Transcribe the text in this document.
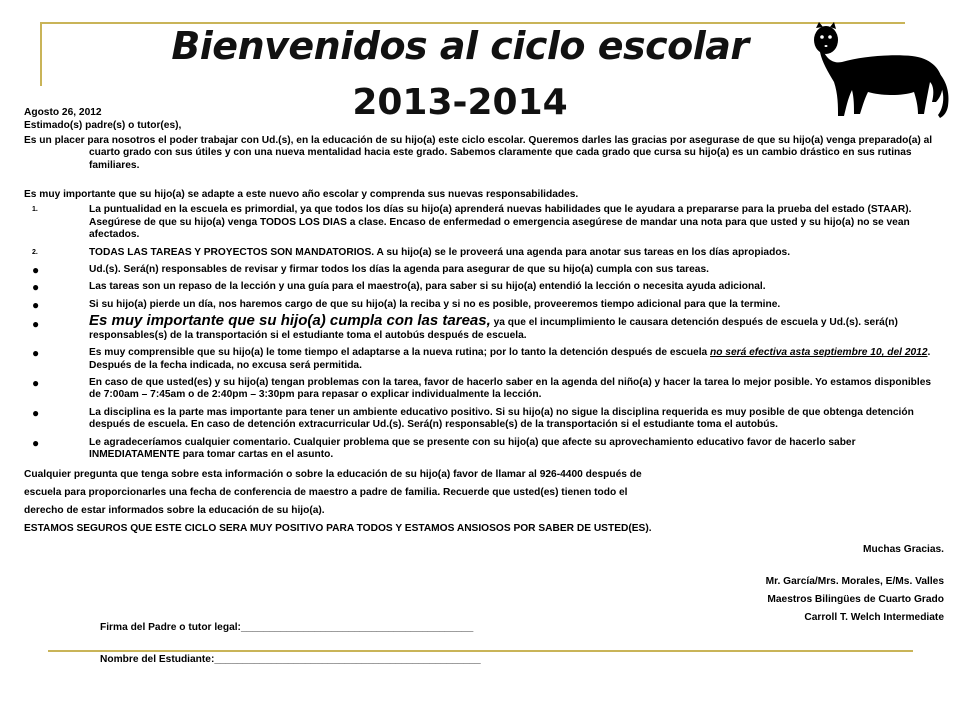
Bienvenidos al ciclo escolar
2013-2014

Agosto 26, 2012

Estimado(s) padre(s) o tutor(es),

Es un placer para nosotros el poder trabajar con Ud.(s), en la educación de su hijo(a) este ciclo escolar. Queremos darles las gracias por asegurase de que su hijo(a) venga preparado(a) al cuarto grado con sus útiles y con una nueva mentalidad hacia este grado. Sabemos claramente que cada grado que cursa su hijo(a) es un cambio drástico en sus rutinas familiares.

Es muy importante que su hijo(a) se adapte a este nuevo año escolar y comprenda sus nuevas responsabilidades.

1.	La puntualidad en la escuela es primordial, ya que todos los días su hijo(a) aprenderá nuevas habilidades que le ayudara a prepararse para la prueba del estado (STAAR). Asegúrese de que su hijo(a) venga TODOS LOS DIAS a clase. Encaso de enfermedad o emergencia asegúrese de mandar una nota para que usted y su hijo(a) no se vean afectados.
2.	TODAS LAS TAREAS Y PROYECTOS SON MANDATORIOS. A su hijo(a) se le proveerá una agenda para anotar sus tareas en los días apropiados.
●	Ud.(s). Será(n) responsables de revisar y firmar todos los días la agenda para asegurar de que su hijo(a) cumpla con sus tareas.
●	Las tareas son un repaso de la lección y una guía para el maestro(a), para saber si su hijo(a) entendió la lección o necesita ayuda adicional.
●	Si su hijo(a) pierde un día, nos haremos cargo de que su hijo(a) la reciba y si no es posible, proveeremos tiempo adicional para que la termine.
●	Es muy importante que su hijo(a) cumpla con las tareas, ya que el incumplimiento le causara detención después de escuela y Ud.(s). será(n) responsables(s) de la transportación si el estudiante toma el autobús después de escuela.
●	Es muy comprensible que su hijo(a) le tome tiempo el adaptarse a la nueva rutina; por lo tanto la detención después de escuela no será efectiva asta septiembre 10, del 2012. Después de la fecha indicada, no excusa será permitida.
●	En caso de que usted(es) y su hijo(a) tengan problemas con la tarea, favor de hacerlo saber en la agenda del niño(a) y hacer la tarea lo mejor posible. Yo estamos disponibles de 7:00am – 7:45am o de 2:40pm – 3:30pm para repasar o explicar individualmente la lección.
●	La disciplina es la parte mas importante para tener un ambiente educativo positivo. Si su hijo(a) no sigue la disciplina requerida es muy posible de que obtenga detención después de escuela. En caso de detención extracurricular Ud.(s). Será(n) responsable(s) de la transportación si el estudiante toma el autobús.
●	Le agradeceríamos cualquier comentario. Cualquier problema que se presente con su hijo(a) que afecte su aprovechamiento educativo favor de hacerlo saber INMEDIATAMENTE para tomar cartas en el asunto.

Cualquier pregunta que tenga sobre esta información o sobre la educación de su hijo(a) favor de llamar al 926-4400 después de

escuela para proporcionarles una fecha de conferencia de maestro a padre de familia. Recuerde que usted(es) tienen todo el

derecho de estar informados sobre la educación de su hijo(a).

ESTAMOS SEGUROS QUE ESTE CICLO SERA MUY POSITIVO PARA TODOS Y ESTAMOS ANSIOSOS POR SABER DE USTED(ES).

Muchas Gracias.

Mr. García/Mrs. Morales, E/Ms. Valles

Maestros Bilingües de Cuarto Grado

Carroll T. Welch Intermediate

Firma del Padre o tutor legal:_________________________________________

Nombre del Estudiante:_______________________________________________
